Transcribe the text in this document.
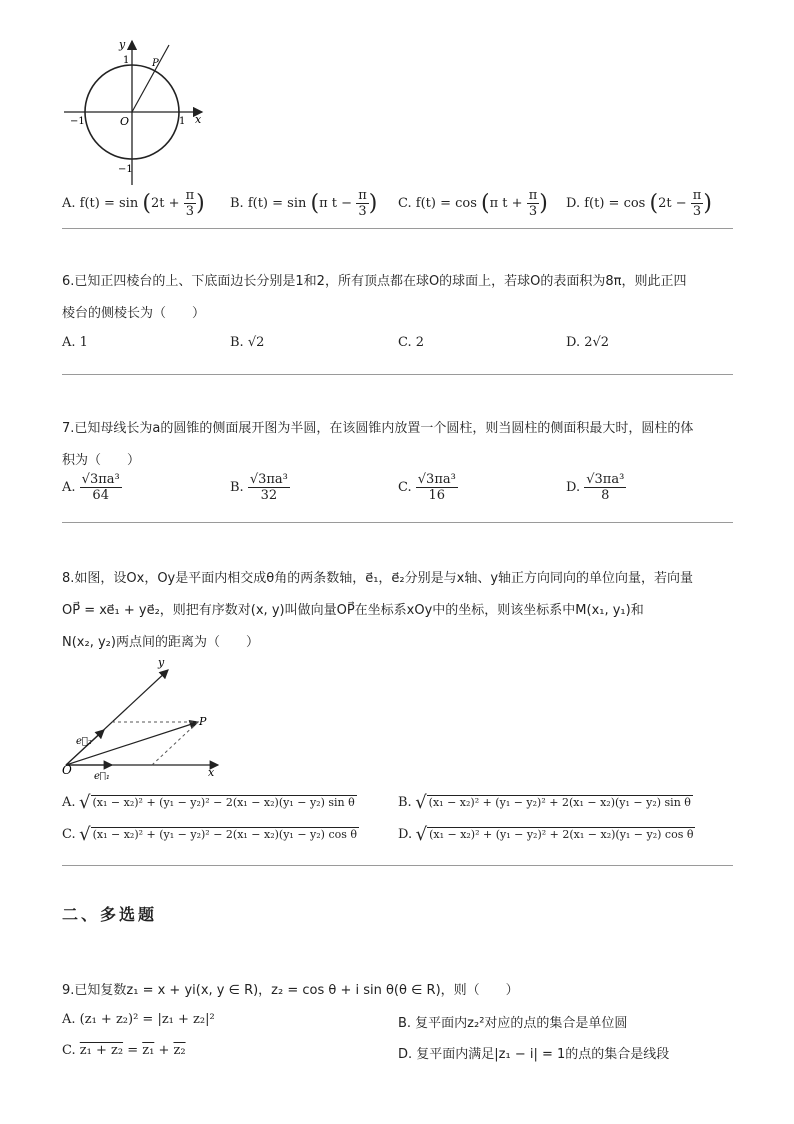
y
x
O
P
1
1
−1
−1
A. $f(t) = \sin (2t + \frac{\pi}{3}$ ) B. f(t) = sin (π $t - \frac{\pi}{3}$ ) C. f(t) = cos (π $t + \frac{\pi}{3}$ ) D. $f(t) = \cos (2t - \frac{\pi}{3}$ )
6.已知正四棱台的上、下底面边长分别是1和2，所有顶点都在球O的球面上，若球O的表面积为8π，则此正四
棱台的侧棱长为（　　）
A. 1	B. √2	C. 2	D. 2√2
7.已知母线长为a的圆锥的侧面展开图为半圆，在该圆锥内放置一个圆柱，则当圆柱的侧面积最大时，圆柱的体
积为（　　）
A. $\frac{\text{√3πa³}}{64}$	B. $\frac{\text{√3πa³}}{32}$	C. $\frac{\text{√3πa³}}{16}$	D. $\frac{\text{√3πa³}}{8}$
8.如图，设Ox，Oy是平面内相交成θ角的两条数轴，e⃗₁，e⃗₂分别是与x轴、y轴正方向同向的单位向量，若向量
OP⃗ = xe⃗₁ + ye⃗₂，则把有序数对(x, y)叫做向量OP⃗在坐标系xOy中的坐标，则该坐标系中M(x₁, y₁)和
N(x₂, y₂)两点间的距离为（　　）
y
x
O
P
e⃗₁
e⃗₂
A. √ (x₁ − x₂)² + (y₁ − y₂)² − 2(x₁ − x₂)(y₁ − y₂) sin θ	B. √ (x₁ − x₂)² + (y₁ − y₂)² + 2(x₁ − x₂)(y₁ − y₂) sin θ
C. √ (x₁ − x₂)² + (y₁ − y₂)² − 2(x₁ − x₂)(y₁ − y₂) cos θ	D. √ (x₁ − x₂)² + (y₁ − y₂)² + 2(x₁ − x₂)(y₁ − y₂) cos θ
二、多选题
9.已知复数z₁ = x + yi(x, y ∈ R)，z₂ = cos θ + i sin θ(θ ∈ R)，则（　　）
A. (z₁ + z₂)² = |z₁ + z₂|²	B. 复平面内z₂²对应的点的集合是单位圆
C. z₁ + z₂ = z₁ + z₂	D. 复平面内满足|z₁ − i| = 1的点的集合是线段
